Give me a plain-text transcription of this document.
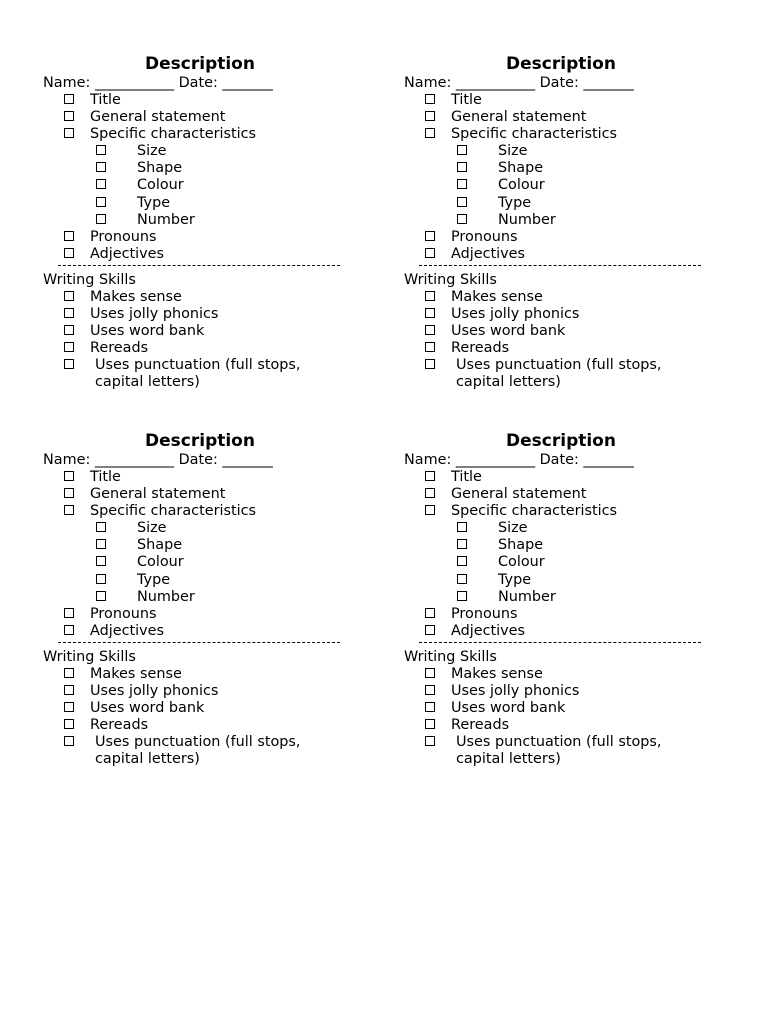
Description
Name: ___________ Date: _______
Title
General statement
Specific characteristics
Size
Shape
Colour
Type
Number
Pronouns
Adjectives
Writing Skills
Makes sense
Uses jolly phonics
Uses word bank
Rereads
Uses punctuation (full stops, capital letters)
Description
Name: ___________ Date: _______
Title
General statement
Specific characteristics
Size
Shape
Colour
Type
Number
Pronouns
Adjectives
Writing Skills
Makes sense
Uses jolly phonics
Uses word bank
Rereads
Uses punctuation (full stops, capital letters)
Description
Name: ___________ Date: _______
Title
General statement
Specific characteristics
Size
Shape
Colour
Type
Number
Pronouns
Adjectives
Writing Skills
Makes sense
Uses jolly phonics
Uses word bank
Rereads
Uses punctuation (full stops, capital letters)
Description
Name: ___________ Date: _______
Title
General statement
Specific characteristics
Size
Shape
Colour
Type
Number
Pronouns
Adjectives
Writing Skills
Makes sense
Uses jolly phonics
Uses word bank
Rereads
Uses punctuation (full stops, capital letters)
